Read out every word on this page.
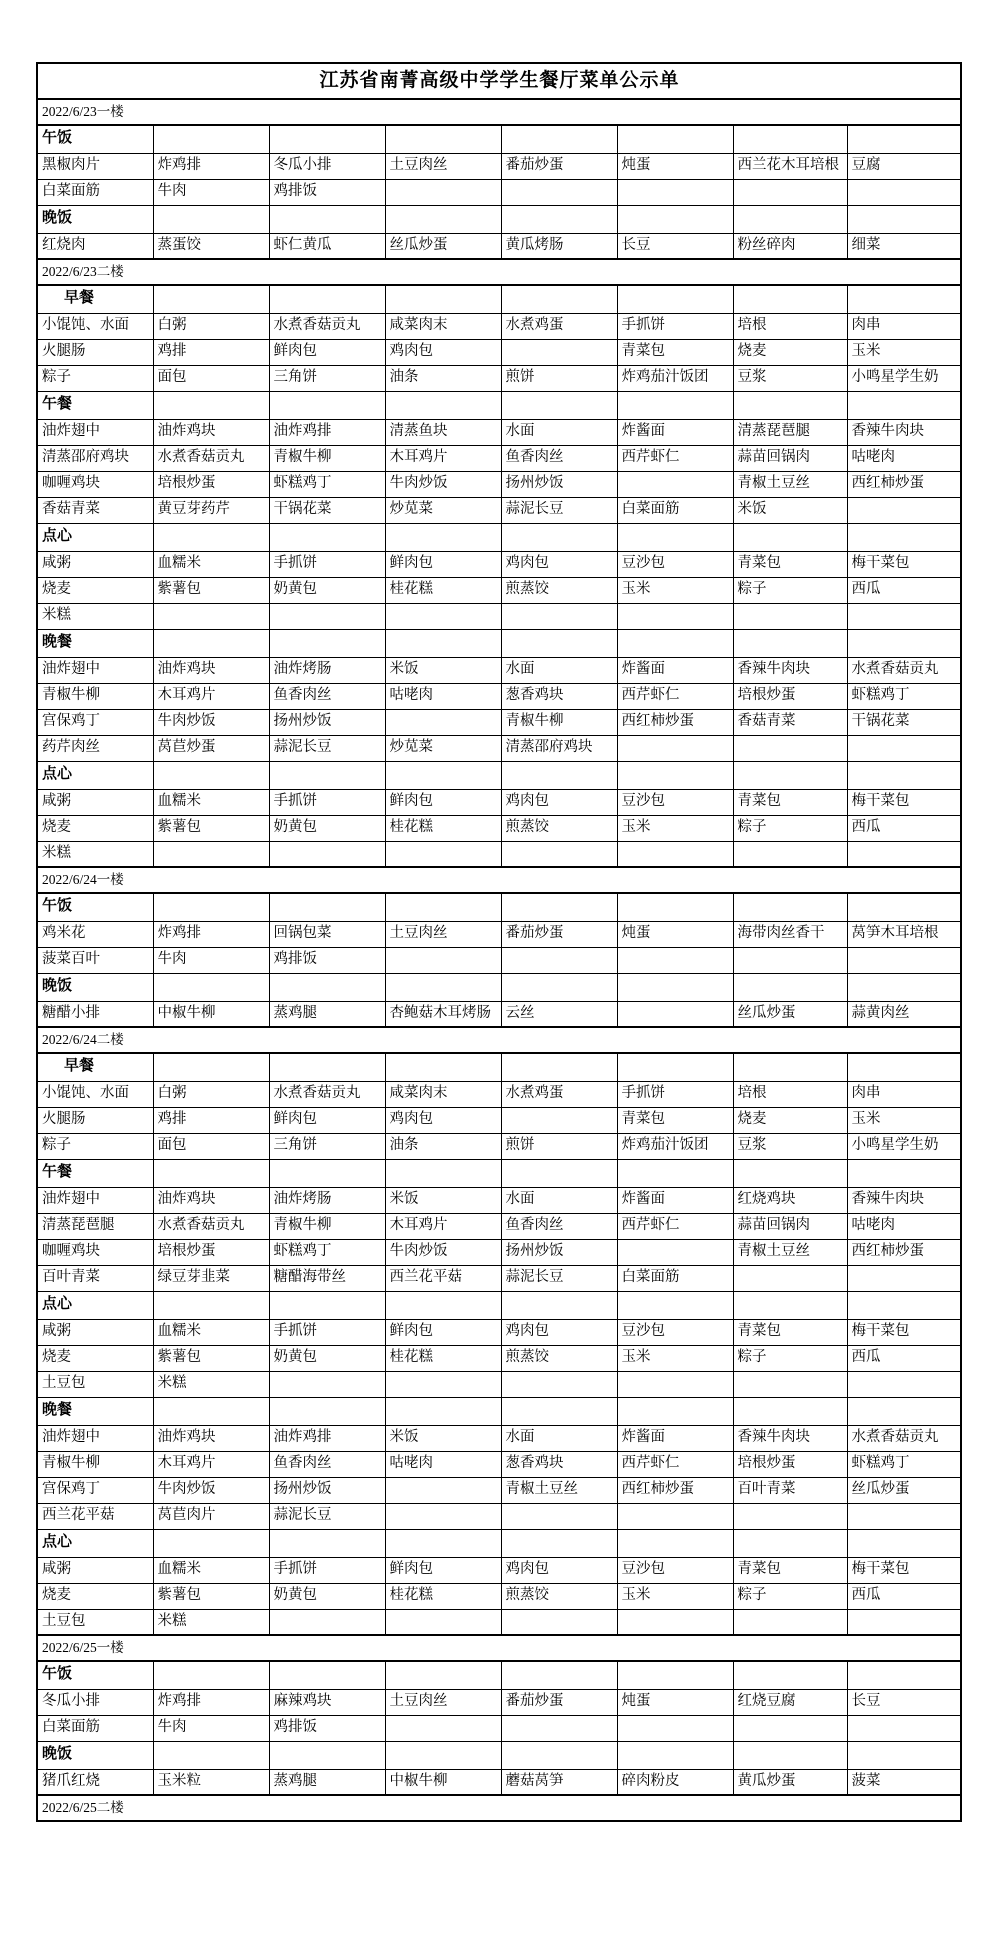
江苏省南菁高级中学学生餐厅菜单公示单							
2022/6/23一楼							
午饭							
黑椒肉片	炸鸡排	冬瓜小排	土豆肉丝	番茄炒蛋	炖蛋	西兰花木耳培根	豆腐
白菜面筋	牛肉	鸡排饭					
晚饭							
红烧肉	蒸蛋饺	虾仁黄瓜	丝瓜炒蛋	黄瓜烤肠	长豆	粉丝碎肉	细菜
2022/6/23二楼							
早餐							
小馄饨、水面	白粥	水煮香菇贡丸	咸菜肉末	水煮鸡蛋	手抓饼	培根	肉串
火腿肠	鸡排	鲜肉包	鸡肉包		青菜包	烧麦	玉米
粽子	面包	三角饼	油条	煎饼	炸鸡茄汁饭团	豆浆	小鸣星学生奶
午餐							
油炸翅中	油炸鸡块	油炸鸡排	清蒸鱼块	水面	炸酱面	清蒸琵琶腿	香辣牛肉块
清蒸邵府鸡块	水煮香菇贡丸	青椒牛柳	木耳鸡片	鱼香肉丝	西芹虾仁	蒜苗回锅肉	咕咾肉
咖喱鸡块	培根炒蛋	虾糕鸡丁	牛肉炒饭	扬州炒饭		青椒土豆丝	西红柿炒蛋
香菇青菜	黄豆芽药芹	干锅花菜	炒苋菜	蒜泥长豆	白菜面筋	米饭	
点心							
咸粥	血糯米	手抓饼	鲜肉包	鸡肉包	豆沙包	青菜包	梅干菜包
烧麦	紫薯包	奶黄包	桂花糕	煎蒸饺	玉米	粽子	西瓜
米糕							
晚餐							
油炸翅中	油炸鸡块	油炸烤肠	米饭	水面	炸酱面	香辣牛肉块	水煮香菇贡丸
青椒牛柳	木耳鸡片	鱼香肉丝	咕咾肉	葱香鸡块	西芹虾仁	培根炒蛋	虾糕鸡丁
宫保鸡丁	牛肉炒饭	扬州炒饭		青椒牛柳	西红柿炒蛋	香菇青菜	干锅花菜
药芹肉丝	莴苣炒蛋	蒜泥长豆	炒苋菜	清蒸邵府鸡块			
点心							
咸粥	血糯米	手抓饼	鲜肉包	鸡肉包	豆沙包	青菜包	梅干菜包
烧麦	紫薯包	奶黄包	桂花糕	煎蒸饺	玉米	粽子	西瓜
米糕							
2022/6/24一楼							
午饭							
鸡米花	炸鸡排	回锅包菜	土豆肉丝	番茄炒蛋	炖蛋	海带肉丝香干	莴笋木耳培根
菠菜百叶	牛肉	鸡排饭					
晚饭							
糖醋小排	中椒牛柳	蒸鸡腿	杏鲍菇木耳烤肠	云丝		丝瓜炒蛋	蒜黄肉丝
2022/6/24二楼							
早餐							
小馄饨、水面	白粥	水煮香菇贡丸	咸菜肉末	水煮鸡蛋	手抓饼	培根	肉串
火腿肠	鸡排	鲜肉包	鸡肉包		青菜包	烧麦	玉米
粽子	面包	三角饼	油条	煎饼	炸鸡茄汁饭团	豆浆	小鸣星学生奶
午餐							
油炸翅中	油炸鸡块	油炸烤肠	米饭	水面	炸酱面	红烧鸡块	香辣牛肉块
清蒸琵琶腿	水煮香菇贡丸	青椒牛柳	木耳鸡片	鱼香肉丝	西芹虾仁	蒜苗回锅肉	咕咾肉
咖喱鸡块	培根炒蛋	虾糕鸡丁	牛肉炒饭	扬州炒饭		青椒土豆丝	西红柿炒蛋
百叶青菜	绿豆芽韭菜	糖醋海带丝	西兰花平菇	蒜泥长豆	白菜面筋		
点心							
咸粥	血糯米	手抓饼	鲜肉包	鸡肉包	豆沙包	青菜包	梅干菜包
烧麦	紫薯包	奶黄包	桂花糕	煎蒸饺	玉米	粽子	西瓜
土豆包	米糕						
晚餐							
油炸翅中	油炸鸡块	油炸鸡排	米饭	水面	炸酱面	香辣牛肉块	水煮香菇贡丸
青椒牛柳	木耳鸡片	鱼香肉丝	咕咾肉	葱香鸡块	西芹虾仁	培根炒蛋	虾糕鸡丁
宫保鸡丁	牛肉炒饭	扬州炒饭		青椒土豆丝	西红柿炒蛋	百叶青菜	丝瓜炒蛋
西兰花平菇	莴苣肉片	蒜泥长豆					
点心							
咸粥	血糯米	手抓饼	鲜肉包	鸡肉包	豆沙包	青菜包	梅干菜包
烧麦	紫薯包	奶黄包	桂花糕	煎蒸饺	玉米	粽子	西瓜
土豆包	米糕						
2022/6/25一楼							
午饭							
冬瓜小排	炸鸡排	麻辣鸡块	土豆肉丝	番茄炒蛋	炖蛋	红烧豆腐	长豆
白菜面筋	牛肉	鸡排饭					
晚饭							
猪爪红烧	玉米粒	蒸鸡腿	中椒牛柳	蘑菇莴笋	碎肉粉皮	黄瓜炒蛋	菠菜
2022/6/25二楼							
